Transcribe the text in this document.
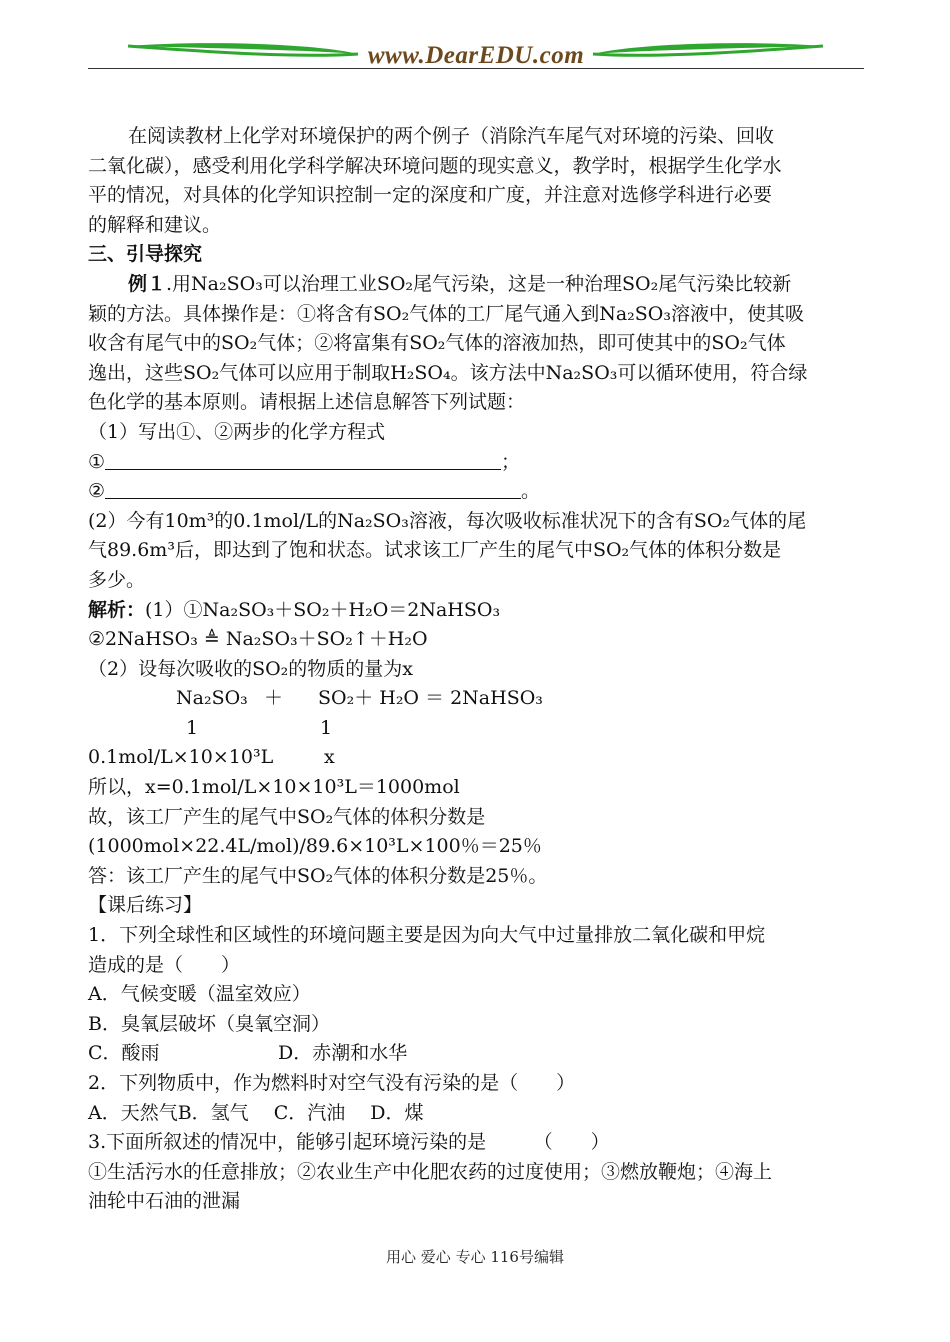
www.DearEDU.com
在阅读教材上化学对环境保护的两个例子（消除汽车尾气对环境的污染、回收
二氧化碳），感受利用化学科学解决环境问题的现实意义，教学时，根据学生化学水
平的情况，对具体的化学知识控制一定的深度和广度，并注意对选修学科进行必要
的解释和建议。
三、引导探究
例１.用Na₂SO₃可以治理工业SO₂尾气污染，这是一种治理SO₂尾气污染比较新
颖的方法。具体操作是：①将含有SO₂气体的工厂尾气通入到Na₂SO₃溶液中，使其吸
收含有尾气中的SO₂气体；②将富集有SO₂气体的溶液加热，即可使其中的SO₂气体
逸出，这些SO₂气体可以应用于制取H₂SO₄。该方法中Na₂SO₃可以循环使用，符合绿
色化学的基本原则。请根据上述信息解答下列试题：
（1）写出①、②两步的化学方程式
①	；
②	。
(2）今有10m³的0.1mol/L的Na₂SO₃溶液，每次吸收标准状况下的含有SO₂气体的尾
气89.6m³后，即达到了饱和状态。试求该工厂产生的尾气中SO₂气体的体积分数是
多少。
解析：(1）①Na₂SO₃＋SO₂＋H₂O＝2NaHSO₃
②2NaHSO₃ ≜ Na₂SO₃＋SO₂↑＋H₂O
（2）设每次吸收的SO₂的物质的量为x
Na₂SO₃ ＋ SO₂＋ H₂O ＝ 2NaHSO₃
1	1
0.1mol/L×10×10³L	x
所以，x=0.1mol/L×10×10³L＝1000mol
故，该工厂产生的尾气中SO₂气体的体积分数是
(1000mol×22.4L/mol)/89.6×10³L×100％＝25％
答：该工厂产生的尾气中SO₂气体的体积分数是25％。
【课后练习】
1．下列全球性和区域性的环境问题主要是因为向大气中过量排放二氧化碳和甲烷
造成的是（　　）
A．气候变暖（温室效应）
B．臭氧层破坏（臭氧空洞）
C．酸雨	D．赤潮和水华
2．下列物质中，作为燃料时对空气没有污染的是（　　）
A．天然气B．氢气　 C．汽油　 D．煤
3.下面所叙述的情况中，能够引起环境污染的是　　　（　　）
①生活污水的任意排放；②农业生产中化肥农药的过度使用；③燃放鞭炮；④海上
油轮中石油的泄漏
用心 爱心 专心 116号编辑
